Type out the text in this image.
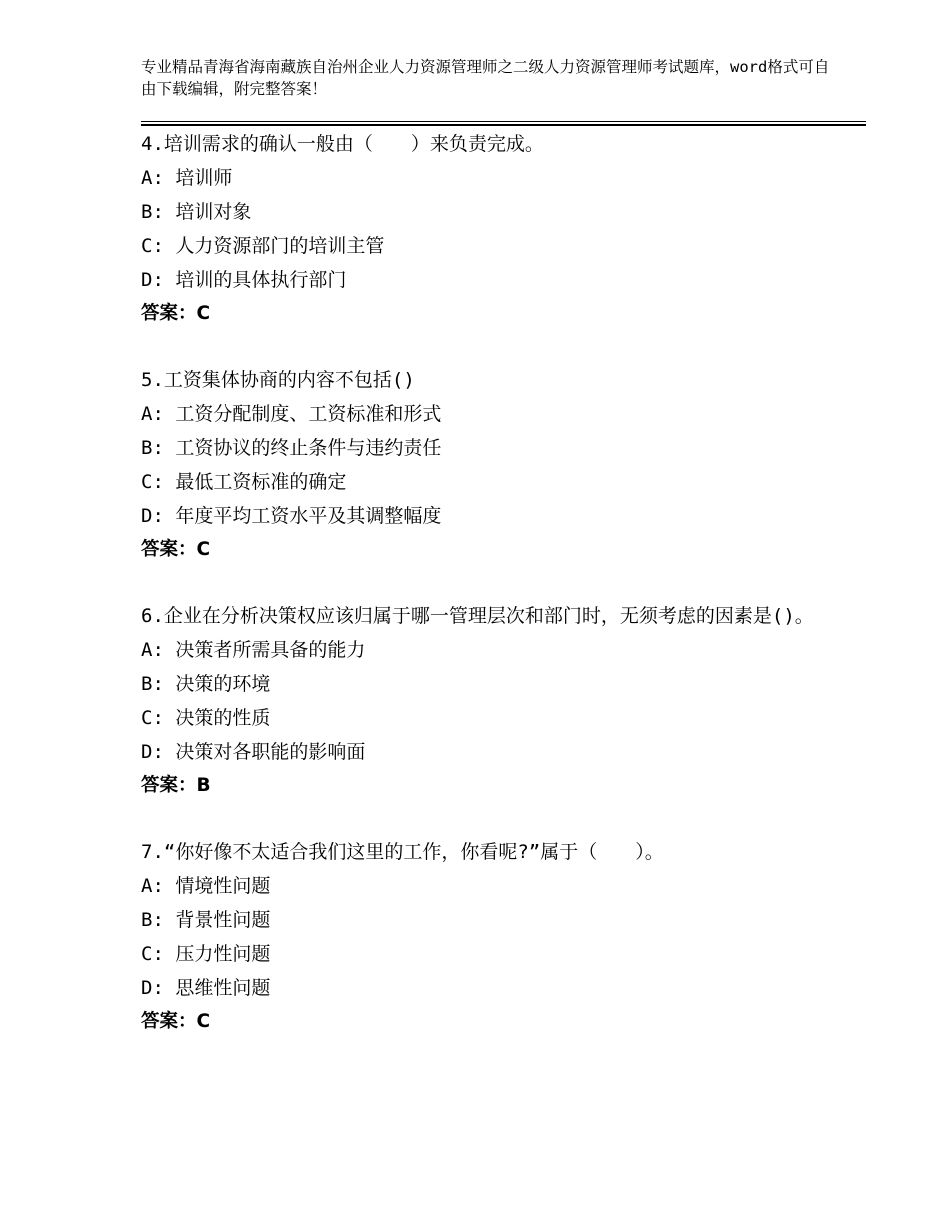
专业精品青海省海南藏族自治州企业人力资源管理师之二级人力资源管理师考试题库，word格式可自由下载编辑，附完整答案！
4.培训需求的确认一般由（　　）来负责完成。
A: 培训师
B: 培训对象
C: 人力资源部门的培训主管
D: 培训的具体执行部门
答案：C
5.工资集体协商的内容不包括()
A: 工资分配制度、工资标准和形式
B: 工资协议的终止条件与违约责任
C: 最低工资标准的确定
D: 年度平均工资水平及其调整幅度
答案：C
6.企业在分析决策权应该归属于哪一管理层次和部门时，无须考虑的因素是()。
A: 决策者所需具备的能力
B: 决策的环境
C: 决策的性质
D: 决策对各职能的影响面
答案：B
7.“你好像不太适合我们这里的工作，你看呢?”属于（　　）。
A: 情境性问题
B: 背景性问题
C: 压力性问题
D: 思维性问题
答案：C
